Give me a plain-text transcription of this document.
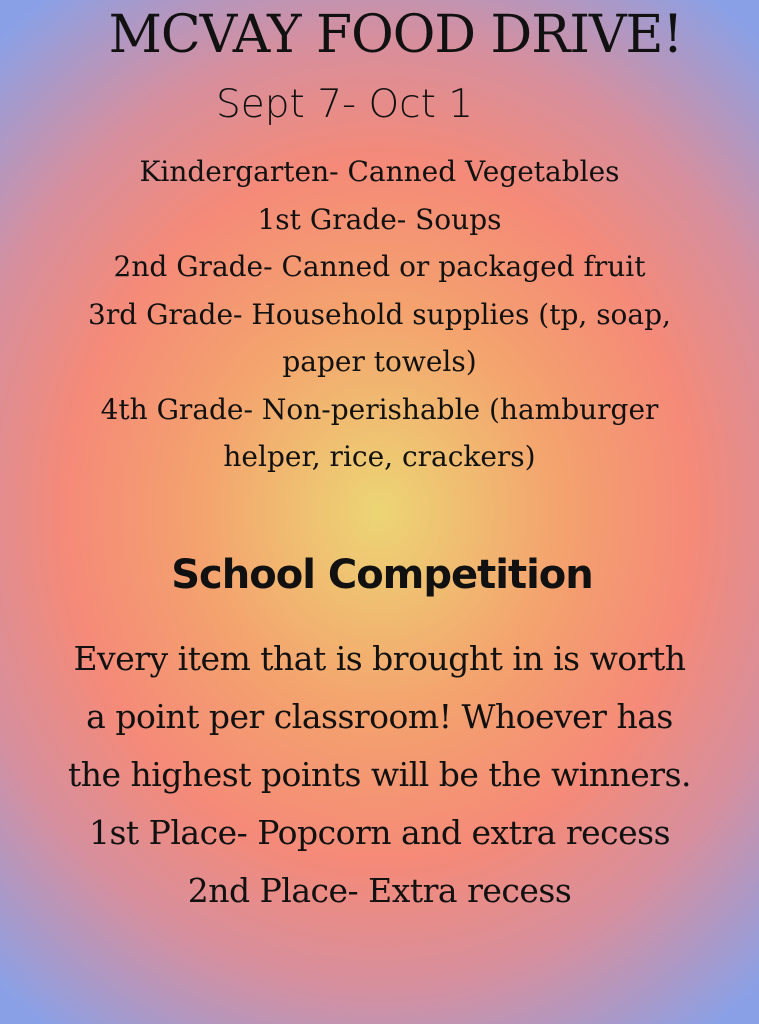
MCVAY FOOD DRIVE!
Sept 7- Oct 1
Kindergarten- Canned Vegetables
1st Grade- Soups
2nd Grade- Canned or packaged fruit
3rd Grade- Household supplies (tp, soap,
paper towels)
4th Grade- Non-perishable (hamburger
helper, rice, crackers)
School Competition
Every item that is brought in is worth
a point per classroom! Whoever has
the highest points will be the winners.
1st Place- Popcorn and extra recess
2nd Place- Extra recess
